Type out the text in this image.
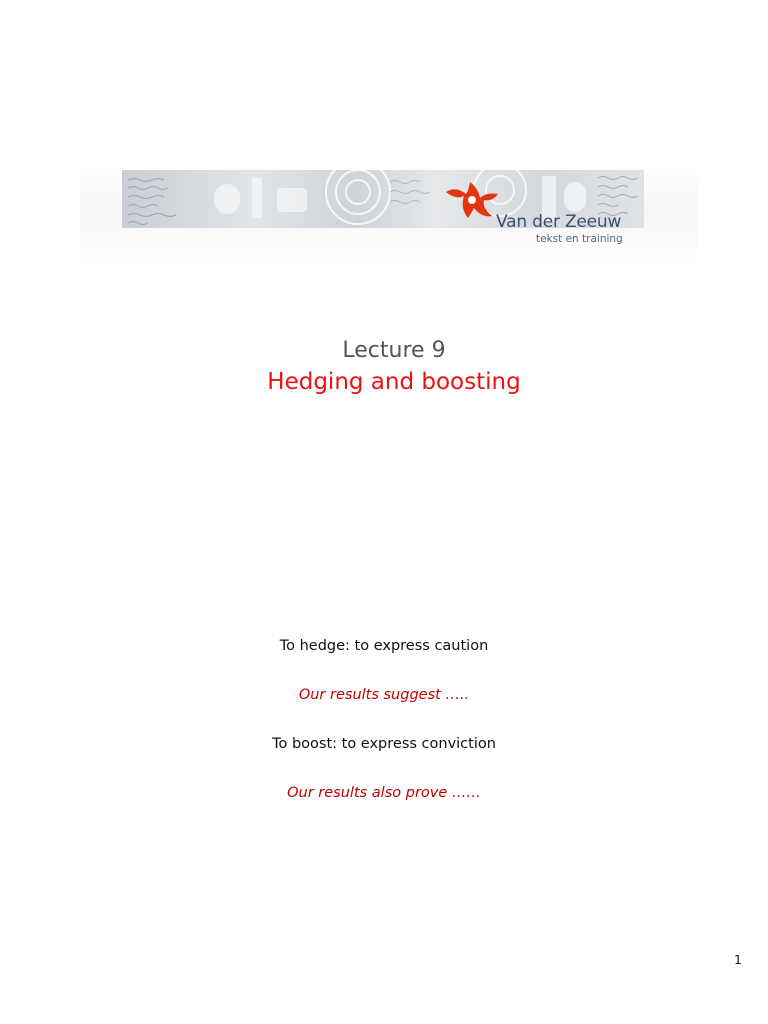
Van der Zeeuw
tekst en training
Lecture 9
Hedging and boosting
To hedge: to express caution
Our results suggest …..
To boost: to express conviction
Our results also prove ……
1
